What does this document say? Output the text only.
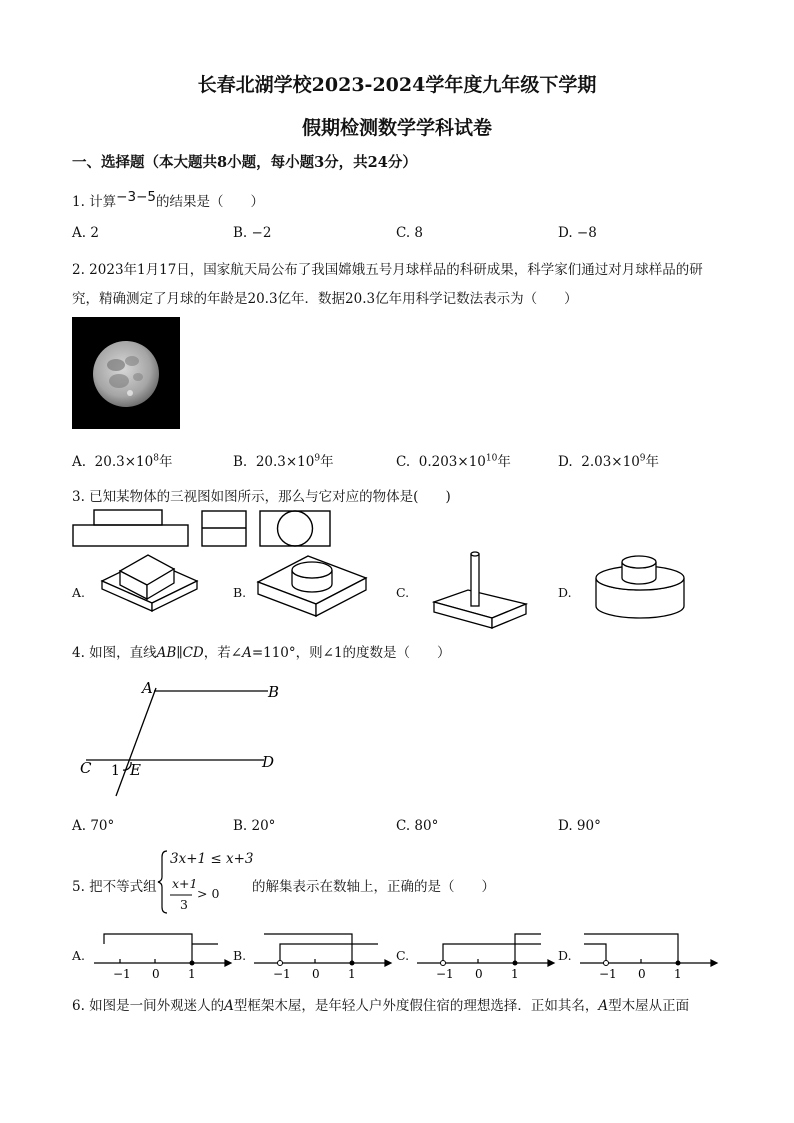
长春北湖学校2023-2024学年度九年级下学期
假期检测数学学科试卷
一、选择题（本大题共8小题，每小题3分，共24分）
1. 计算−3−5的结果是（　　）
A. 2	B. −2	C. 8	D. −8
2. 2023年1月17日，国家航天局公布了我国嫦娥五号月球样品的科研成果，科学家们通过对月球样品的研
究，精确测定了月球的年龄是20.3亿年．数据20.3亿年用科学记数法表示为（　　）
A. $20.3\times 10^8$年	B. $20.3\times 10^9$年	C. $0.203\times 10^{10}$年	D. $2.03\times 10^9$年
3. 已知某物体的三视图如图所示，那么与它对应的物体是(　　)
A.	B.	C.	D.
4. 如图，直线AB∥CD，若∠A=110°，则∠1的度数是（　　）
A	B
C	E	D
1
A. 70°	B. 20°	C. 80°	D. 90°
5. 把不等式组
3x+1 ≤ x+3
x+1
3
> 0 的解集表示在数轴上，正确的是（　　）
A.	B.	C.	D.
−1 0 1	−1 0 1	−1 0 1	−1 0 1
6. 如图是一间外观迷人的A型框架木屋，是年轻人户外度假住宿的理想选择．正如其名，A型木屋从正面
